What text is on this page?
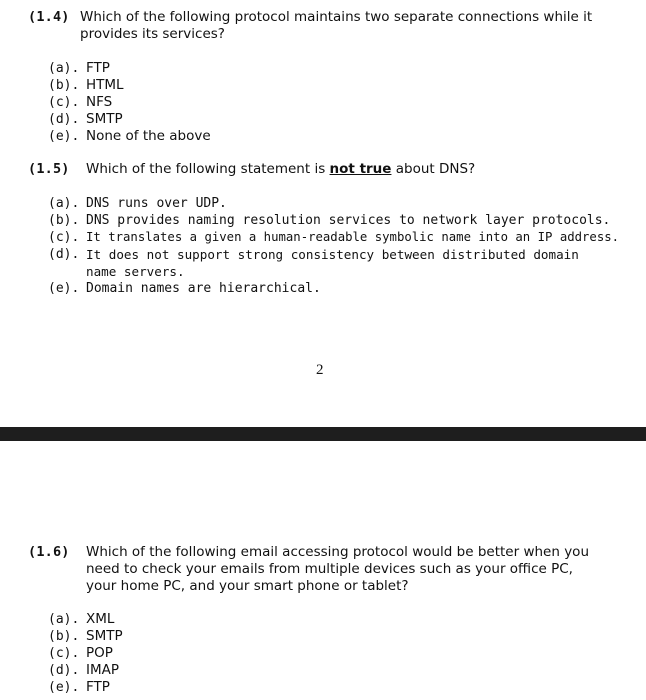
(1.4) Which of the following protocol maintains two separate connections while it provides its services?
(a). FTP
(b). HTML
(c). NFS
(d). SMTP
(e). None of the above
(1.5) Which of the following statement is not true about DNS?
(a). DNS runs over UDP.
(b). DNS provides naming resolution services to network layer protocols.
(c). It translates a given a human-readable symbolic name into an IP address.
(d). It does not support strong consistency between distributed domain name servers.
(e). Domain names are hierarchical.
2
(1.6) Which of the following email accessing protocol would be better when you need to check your emails from multiple devices such as your office PC, your home PC, and your smart phone or tablet?
(a). XML
(b). SMTP
(c). POP
(d). IMAP
(e). FTP
